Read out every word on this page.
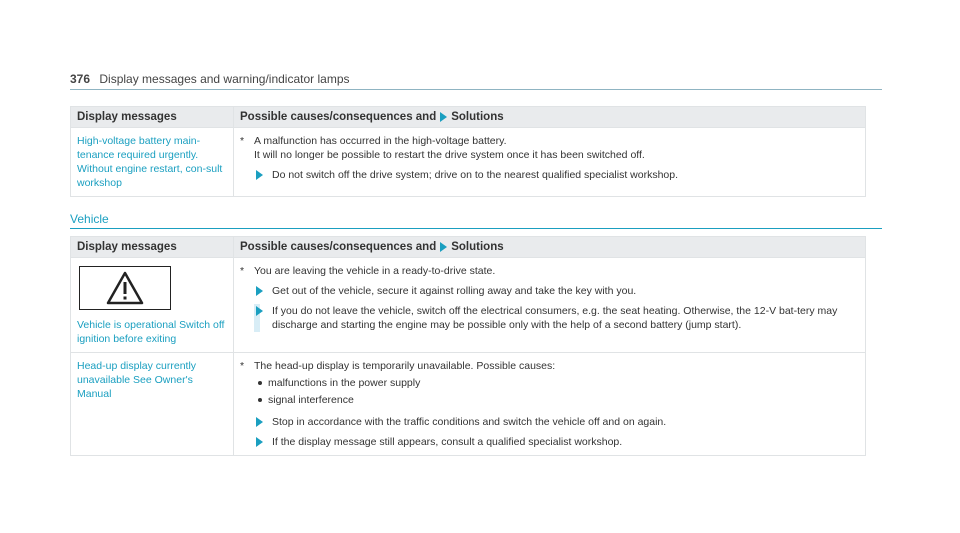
376 Display messages and warning/indicator lamps
Display messages	Possible causes/consequences and Solutions
High-voltage battery main-tenance required urgently. Without engine restart, con-sult workshop	* A malfunction has occurred in the high-voltage battery.
It will no longer be possible to restart the drive system once it has been switched off.
Do not switch off the drive system; drive on to the nearest qualified specialist workshop.
Vehicle
Display messages	Possible causes/consequences and Solutions

Vehicle is operational Switch off ignition before exiting	* You are leaving the vehicle in a ready-to-drive state.
Get out of the vehicle, secure it against rolling away and take the key with you.
If you do not leave the vehicle, switch off the electrical consumers, e.g. the seat heating. Otherwise, the 12-V bat-tery may discharge and starting the engine may be possible only with the help of a second battery (jump start).

Head-up display currently unavailable See Owner's Manual	* The head-up display is temporarily unavailable. Possible causes:
malfunctions in the power supply
signal interference
Stop in accordance with the traffic conditions and switch the vehicle off and on again.
If the display message still appears, consult a qualified specialist workshop.
